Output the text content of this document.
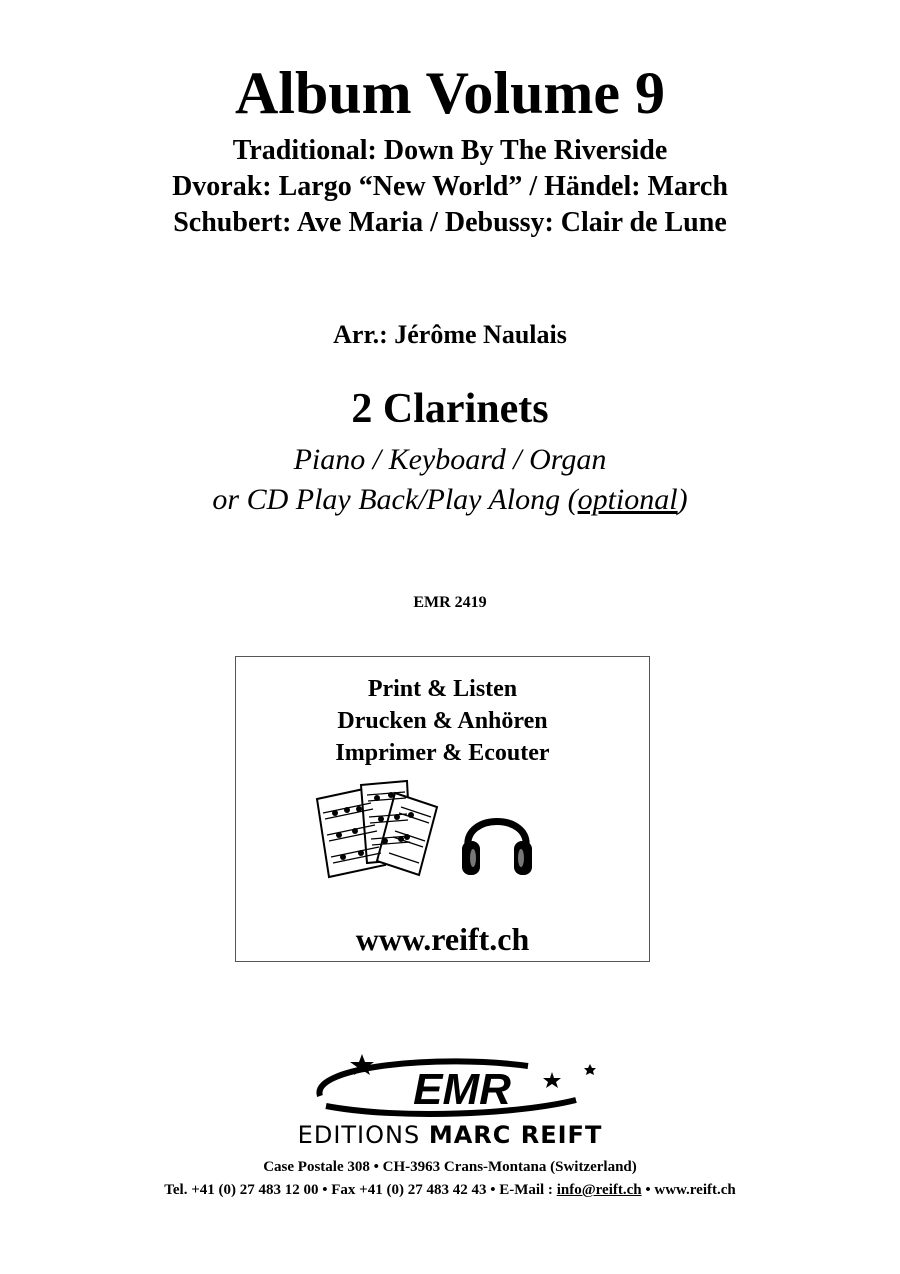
Album Volume 9
Traditional: Down By The Riverside
Dvorak: Largo “New World” / Händel: March
Schubert: Ave Maria / Debussy: Clair de Lune
Arr.: Jérôme Naulais
2 Clarinets
Piano / Keyboard / Organ
or CD Play Back/Play Along (optional)
EMR 2419
Print & Listen
Drucken & Anhören
Imprimer & Ecouter
www.reift.ch
EMR
EDITIONS MARC REIFT
Case Postale 308 • CH-3963 Crans-Montana (Switzerland)
Tel. +41 (0) 27 483 12 00 • Fax +41 (0) 27 483 42 43 • E-Mail : info@reift.ch • www.reift.ch
